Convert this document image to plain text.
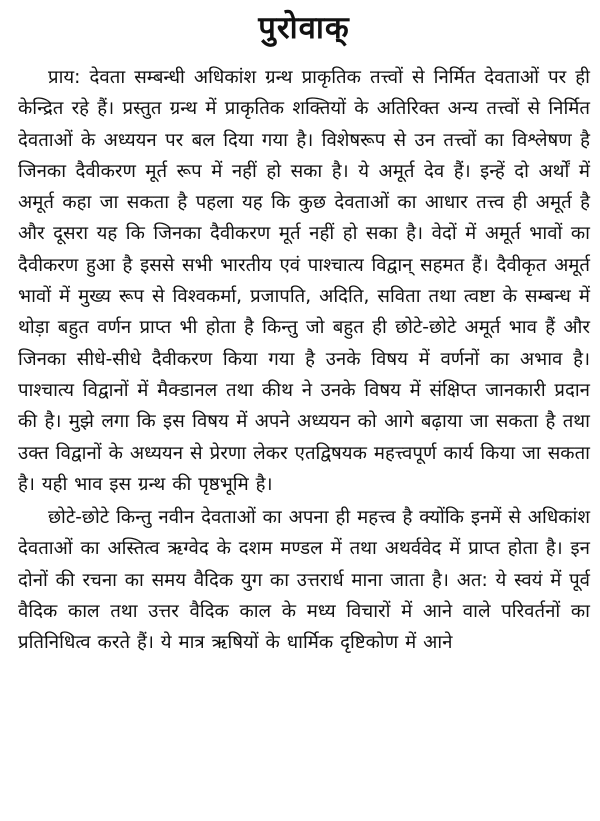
पुरोवाक्

प्राय: देवता सम्बन्धी अधिकांश ग्रन्थ प्राकृतिक तत्त्वों से निर्मित देवताओं पर ही केन्द्रित रहे हैं। प्रस्तुत ग्रन्थ में प्राकृतिक शक्तियों के अतिरिक्त अन्य तत्त्वों से निर्मित देवताओं के अध्ययन पर बल दिया गया है। विशेषरूप से उन तत्त्वों का विश्लेषण है जिनका दैवीकरण मूर्त रूप में नहीं हो सका है। ये अमूर्त देव हैं। इन्हें दो अर्थों में अमूर्त कहा जा सकता है पहला यह कि कुछ देवताओं का आधार तत्त्व ही अमूर्त है और दूसरा यह कि जिनका दैवीकरण मूर्त नहीं हो सका है। वेदों में अमूर्त भावों का दैवीकरण हुआ है इससे सभी भारतीय एवं पाश्चात्य विद्वान् सहमत हैं। दैवीकृत अमूर्त भावों में मुख्य रूप से विश्वकर्मा, प्रजापति, अदिति, सविता तथा त्वष्टा के सम्बन्ध में थोड़ा बहुत वर्णन प्राप्त भी होता है किन्तु जो बहुत ही छोटे-छोटे अमूर्त भाव हैं और जिनका सीधे-सीधे दैवीकरण किया गया है उनके विषय में वर्णनों का अभाव है। पाश्चात्य विद्वानों में मैक्डानल तथा कीथ ने उनके विषय में संक्षिप्त जानकारी प्रदान की है। मुझे लगा कि इस विषय में अपने अध्ययन को आगे बढ़ाया जा सकता है तथा उक्त विद्वानों के अध्ययन से प्रेरणा लेकर एतद्विषयक महत्त्वपूर्ण कार्य किया जा सकता है। यही भाव इस ग्रन्थ की पृष्ठभूमि है।

छोटे-छोटे किन्तु नवीन देवताओं का अपना ही महत्त्व है क्योंकि इनमें से अधिकांश देवताओं का अस्तित्व ऋग्वेद के दशम मण्डल में तथा अथर्ववेद में प्राप्त होता है। इन दोनों की रचना का समय वैदिक युग का उत्तरार्ध माना जाता है। अत: ये स्वयं में पूर्व वैदिक काल तथा उत्तर वैदिक काल के मध्य विचारों में आने वाले परिवर्तनों का प्रतिनिधित्व करते हैं। ये मात्र ऋषियों के धार्मिक दृष्टिकोण में आने
